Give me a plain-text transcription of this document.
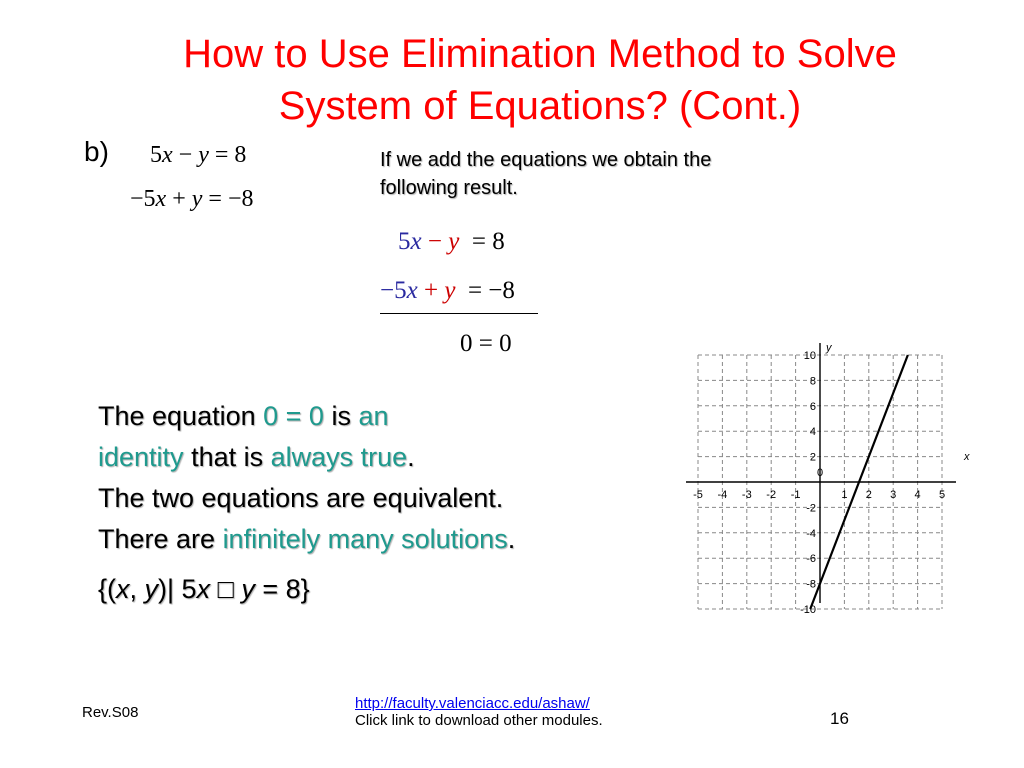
How to Use Elimination Method to Solve
System of Equations? (Cont.)
b) 5x − y = 8
−5x + y = −8
If we add the equations we obtain the
following result.
5x − y = 8
−5x + y = −8
0 = 0
The equation 0 = 0 is an
identity that is always true.
The two equations are equivalent.
There are infinitely many solutions.
{(x, y)| 5x □ y = 8}
x
y
-5 -4 -3 -2 -1
0
1 2 3 4 5
10
8
6
4
2
-2
-4
-6
-8
-10
Rev.S08
http://faculty.valenciacc.edu/ashaw/
Click link to download other modules.	16
